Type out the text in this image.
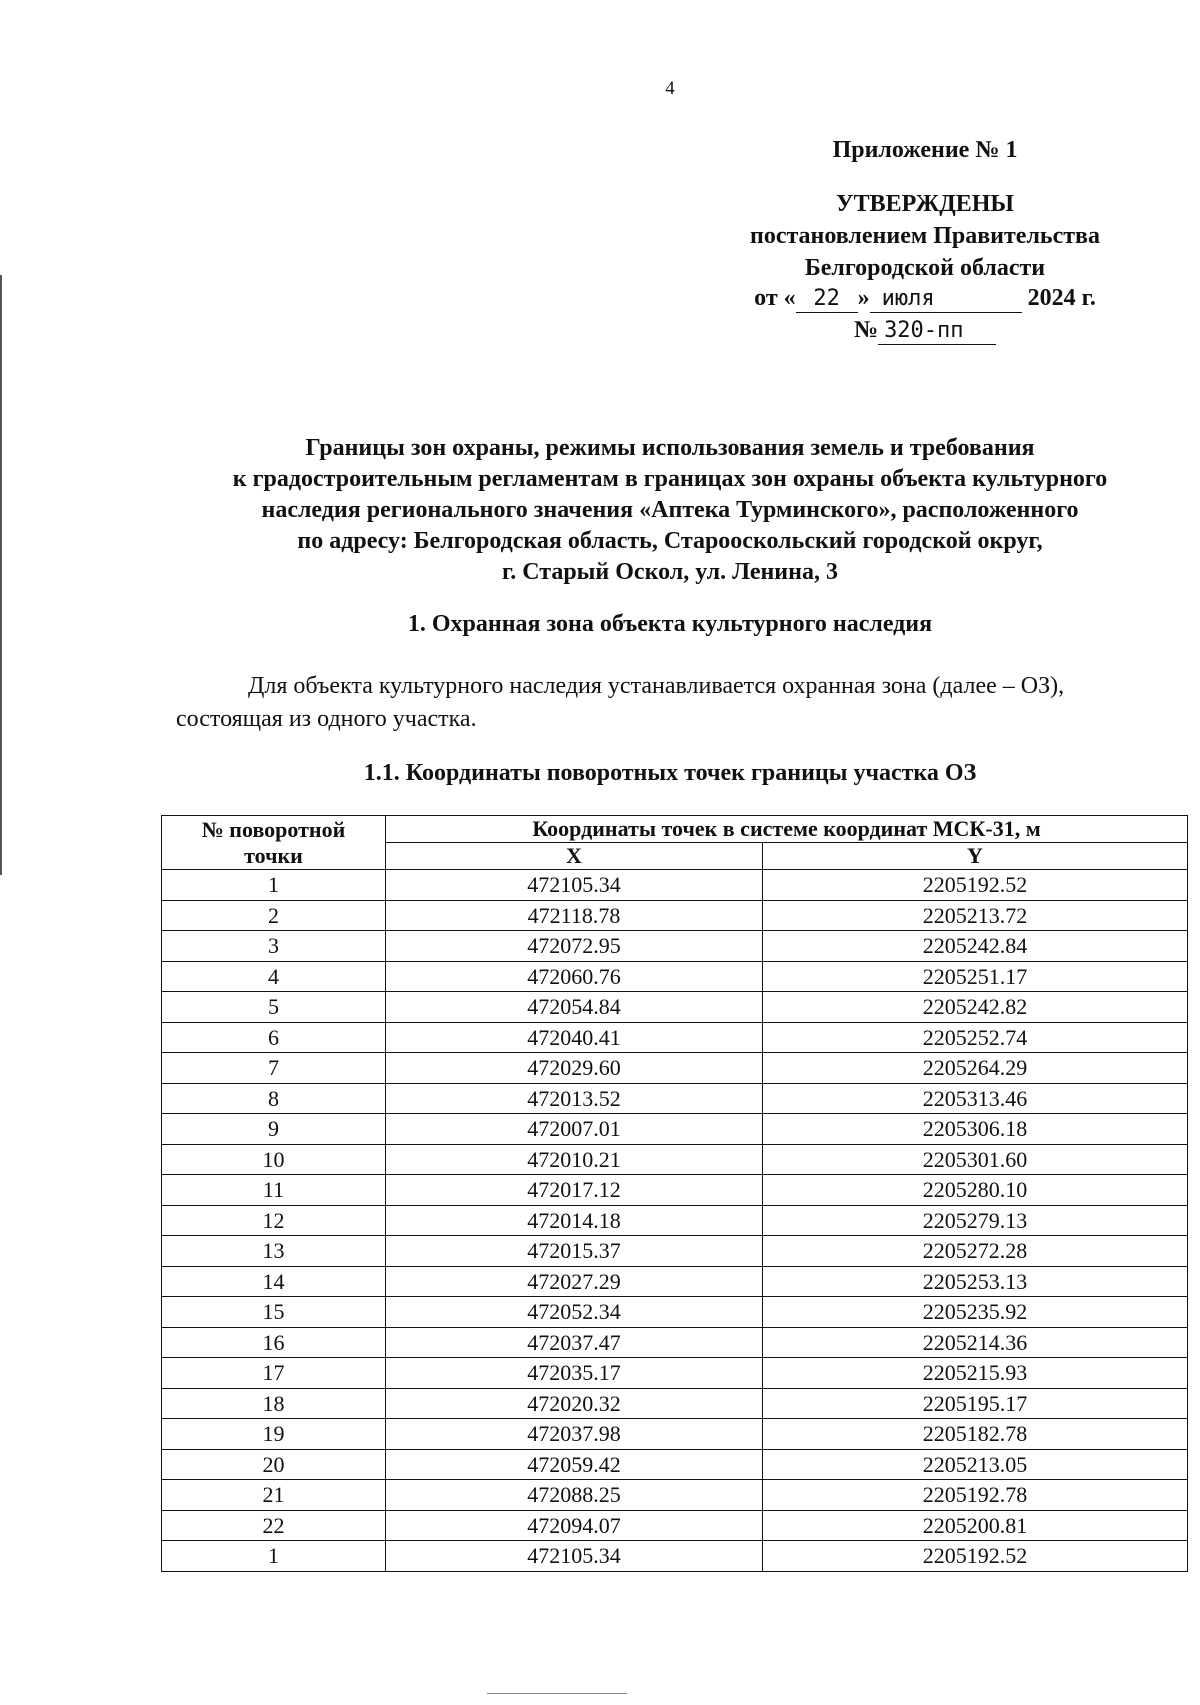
4
Приложение № 1
УТВЕРЖДЕНЫ
постановлением Правительства
Белгородской области
от « 22 » июля	2024 г.
№ 320-пп
Границы зон охраны, режимы использования земель и требования
к градостроительным регламентам в границах зон охраны объекта культурного
наследия регионального значения «Аптека Турминского», расположенного
по адресу: Белгородская область, Старооскольский городской округ,
г. Старый Оскол, ул. Ленина, 3
1. Охранная зона объекта культурного наследия
Для объекта культурного наследия устанавливается охранная зона (далее – ОЗ),
состоящая из одного участка.
1.1. Координаты поворотных точек границы участка ОЗ
№ поворотной
точки	Координаты точек в системе координат МСК-31, м	
	X	Y
1	472105.34	2205192.52
2	472118.78	2205213.72
3	472072.95	2205242.84
4	472060.76	2205251.17
5	472054.84	2205242.82
6	472040.41	2205252.74
7	472029.60	2205264.29
8	472013.52	2205313.46
9	472007.01	2205306.18
10	472010.21	2205301.60
11	472017.12	2205280.10
12	472014.18	2205279.13
13	472015.37	2205272.28
14	472027.29	2205253.13
15	472052.34	2205235.92
16	472037.47	2205214.36
17	472035.17	2205215.93
18	472020.32	2205195.17
19	472037.98	2205182.78
20	472059.42	2205213.05
21	472088.25	2205192.78
22	472094.07	2205200.81
1	472105.34	2205192.52
